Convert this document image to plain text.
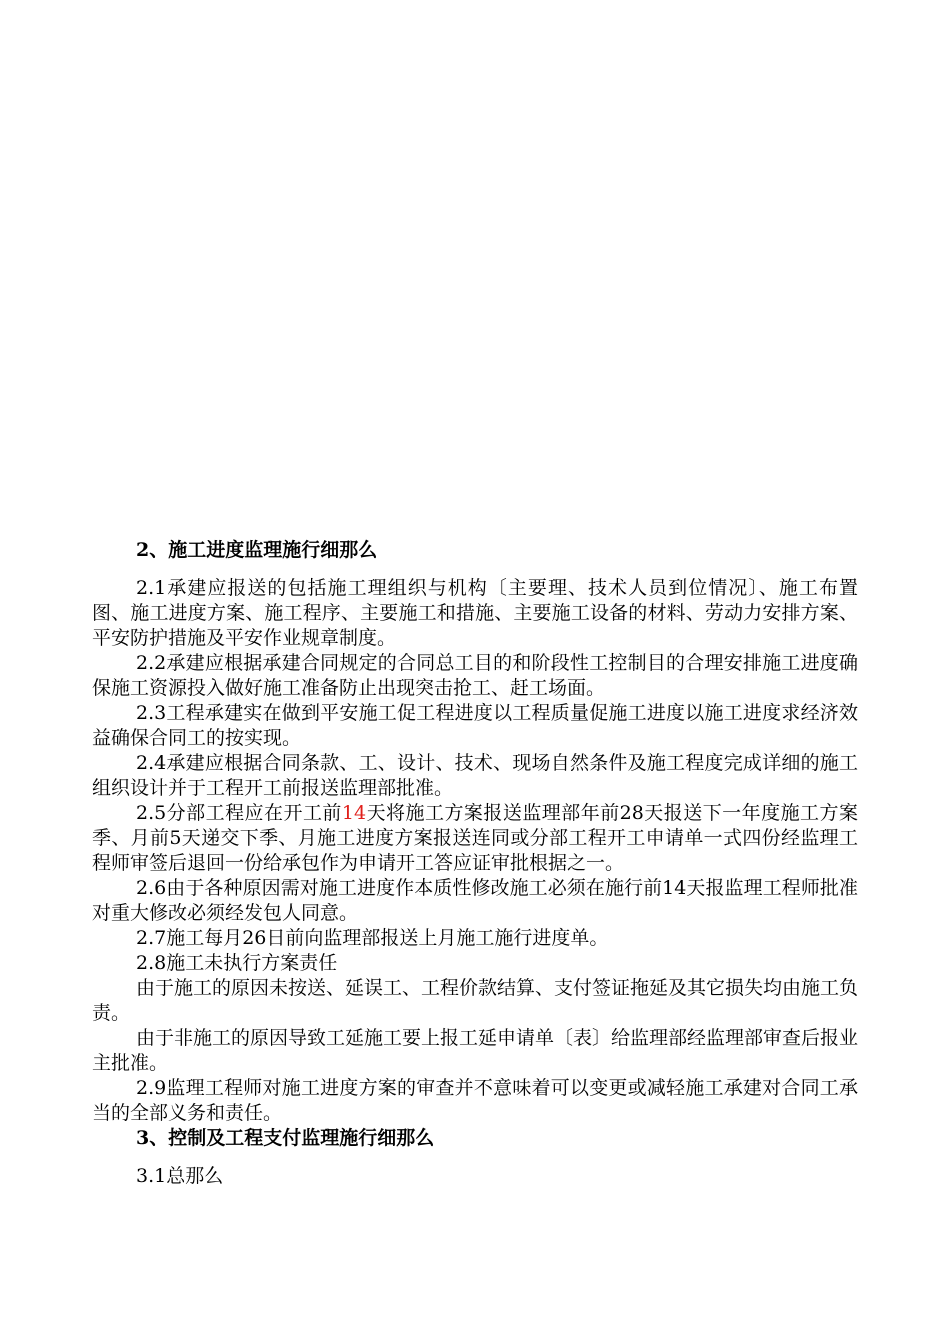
2、施工进度监理施行细那么

2.1承建应报送的包括施工理组织与机构〔主要理、技术人员到位情况〕、施工布置图、施工进度方案、施工程序、主要施工和措施、主要施工设备的材料、劳动力安排方案、平安防护措施及平安作业规章制度。

2.2承建应根据承建合同规定的合同总工目的和阶段性工控制目的合理安排施工进度确保施工资源投入做好施工准备防止出现突击抢工、赶工场面。

2.3工程承建实在做到平安施工促工程进度以工程质量促施工进度以施工进度求经济效益确保合同工的按实现。

2.4承建应根据合同条款、工、设计、技术、现场自然条件及施工程度完成详细的施工组织设计并于工程开工前报送监理部批准。

2.5分部工程应在开工前14天将施工方案报送监理部年前28天报送下一年度施工方案季、月前5天递交下季、月施工进度方案报送连同或分部工程开工申请单一式四份经监理工程师审签后退回一份给承包作为申请开工答应证审批根据之一。

2.6由于各种原因需对施工进度作本质性修改施工必须在施行前14天报监理工程师批准对重大修改必须经发包人同意。

2.7施工每月26日前向监理部报送上月施工施行进度单。

2.8施工未执行方案责任

由于施工的原因未按送、延误工、工程价款结算、支付签证拖延及其它损失均由施工负责。

由于非施工的原因导致工延施工要上报工延申请单〔表〕给监理部经监理部审查后报业主批准。

2.9监理工程师对施工进度方案的审查并不意味着可以变更或减轻施工承建对合同工承当的全部义务和责任。

3、控制及工程支付监理施行细那么

3.1总那么
